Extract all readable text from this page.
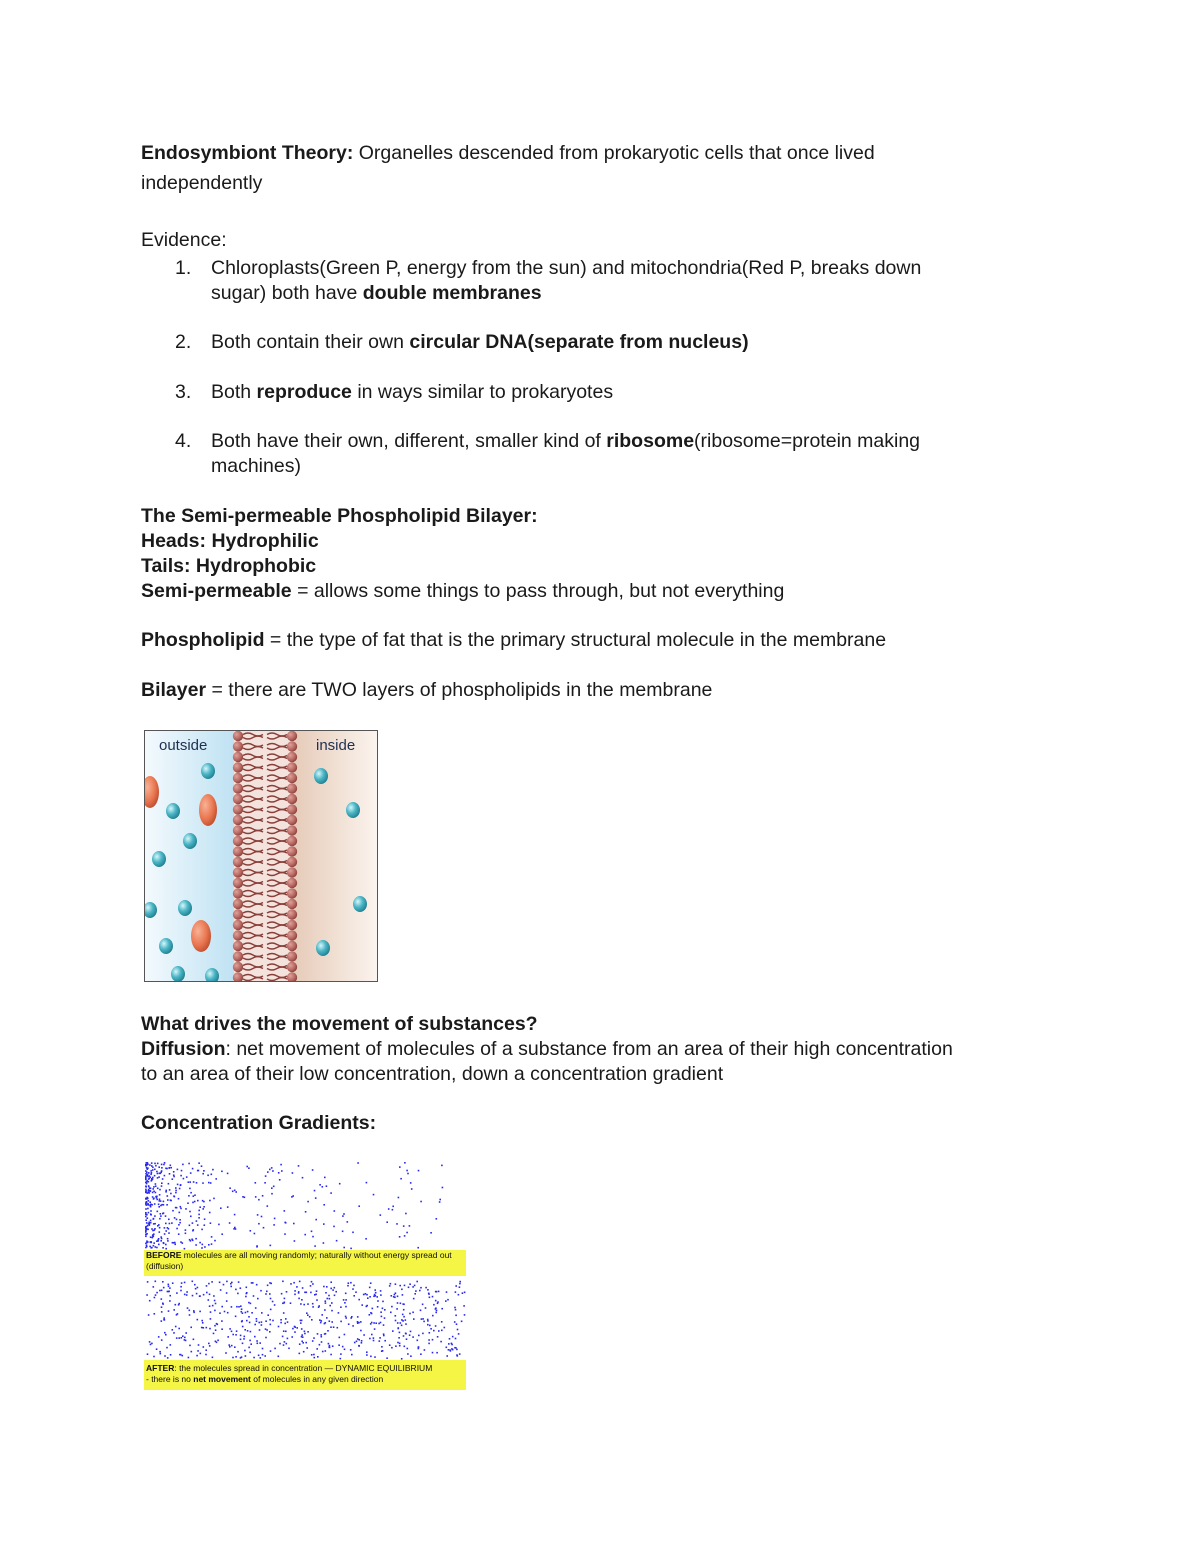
Endosymbiont Theory: Organelles descended from prokaryotic cells that once lived

independently

Evidence:

1. Chloroplasts(Green P, energy from the sun) and mitochondria(Red P, breaks down
sugar) both have double membranes
2. Both contain their own circular DNA(separate from nucleus)
3. Both reproduce in ways similar to prokaryotes
4. Both have their own, different, smaller kind of ribosome(ribosome=protein making
machines)

The Semi-permeable Phospholipid Bilayer:

Heads: Hydrophilic

Tails: Hydrophobic

Semi-permeable = allows some things to pass through, but not everything

Phospholipid = the type of fat that is the primary structural molecule in the membrane

Bilayer = there are TWO layers of phospholipids in the membrane

outside	inside

What drives the movement of substances?

Diffusion: net movement of molecules of a substance from an area of their high concentration

to an area of their low concentration, down a concentration gradient

Concentration Gradients:

BEFORE molecules are all moving randomly; naturally without energy spread out
(diffusion)
AFTER: the molecules spread in concentration — DYNAMIC EQUILIBRIUM
- there is no net movement of molecules in any given direction
